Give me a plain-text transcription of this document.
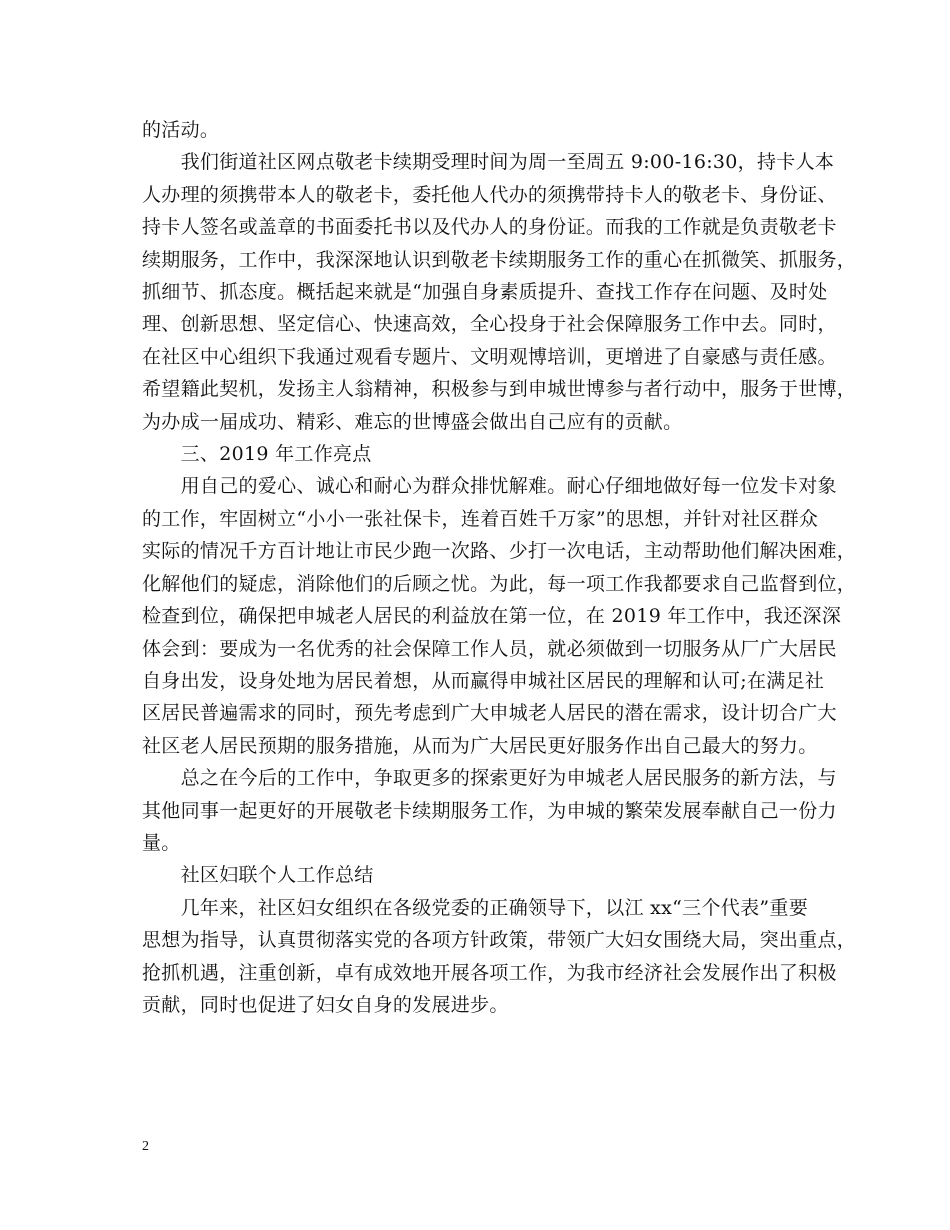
的活动。
　　我们街道社区网点敬老卡续期受理时间为周一至周五 9:00-16:30，持卡人本
人办理的须携带本人的敬老卡，委托他人代办的须携带持卡人的敬老卡、身份证、
持卡人签名或盖章的书面委托书以及代办人的身份证。而我的工作就是负责敬老卡
续期服务，工作中，我深深地认识到敬老卡续期服务工作的重心在抓微笑、抓服务，
抓细节、抓态度。概括起来就是“加强自身素质提升、查找工作存在问题、及时处
理、创新思想、坚定信心、快速高效，全心投身于社会保障服务工作中去。同时，
在社区中心组织下我通过观看专题片、文明观博培训，更增进了自豪感与责任感。
希望籍此契机，发扬主人翁精神，积极参与到申城世博参与者行动中，服务于世博，
为办成一届成功、精彩、难忘的世博盛会做出自己应有的贡献。
　　三、2019 年工作亮点
　　用自己的爱心、诚心和耐心为群众排忧解难。耐心仔细地做好每一位发卡对象
的工作，牢固树立“小小一张社保卡，连着百姓千万家”的思想，并针对社区群众
实际的情况千方百计地让市民少跑一次路、少打一次电话，主动帮助他们解决困难，
化解他们的疑虑，消除他们的后顾之忧。为此，每一项工作我都要求自己监督到位，
检查到位，确保把申城老人居民的利益放在第一位，在 2019 年工作中，我还深深
体会到：要成为一名优秀的社会保障工作人员，就必须做到一切服务从厂广大居民
自身出发，设身处地为居民着想，从而赢得申城社区居民的理解和认可;在满足社
区居民普遍需求的同时，预先考虑到广大申城老人居民的潜在需求，设计切合广大
社区老人居民预期的服务措施，从而为广大居民更好服务作出自己最大的努力。
　　总之在今后的工作中，争取更多的探索更好为申城老人居民服务的新方法，与
其他同事一起更好的开展敬老卡续期服务工作，为申城的繁荣发展奉献自己一份力
量。
　　社区妇联个人工作总结
　　几年来，社区妇女组织在各级党委的正确领导下，以江 xx“三个代表”重要
思想为指导，认真贯彻落实党的各项方针政策，带领广大妇女围绕大局，突出重点，
抢抓机遇，注重创新，卓有成效地开展各项工作，为我市经济社会发展作出了积极
贡献，同时也促进了妇女自身的发展进步。
2
